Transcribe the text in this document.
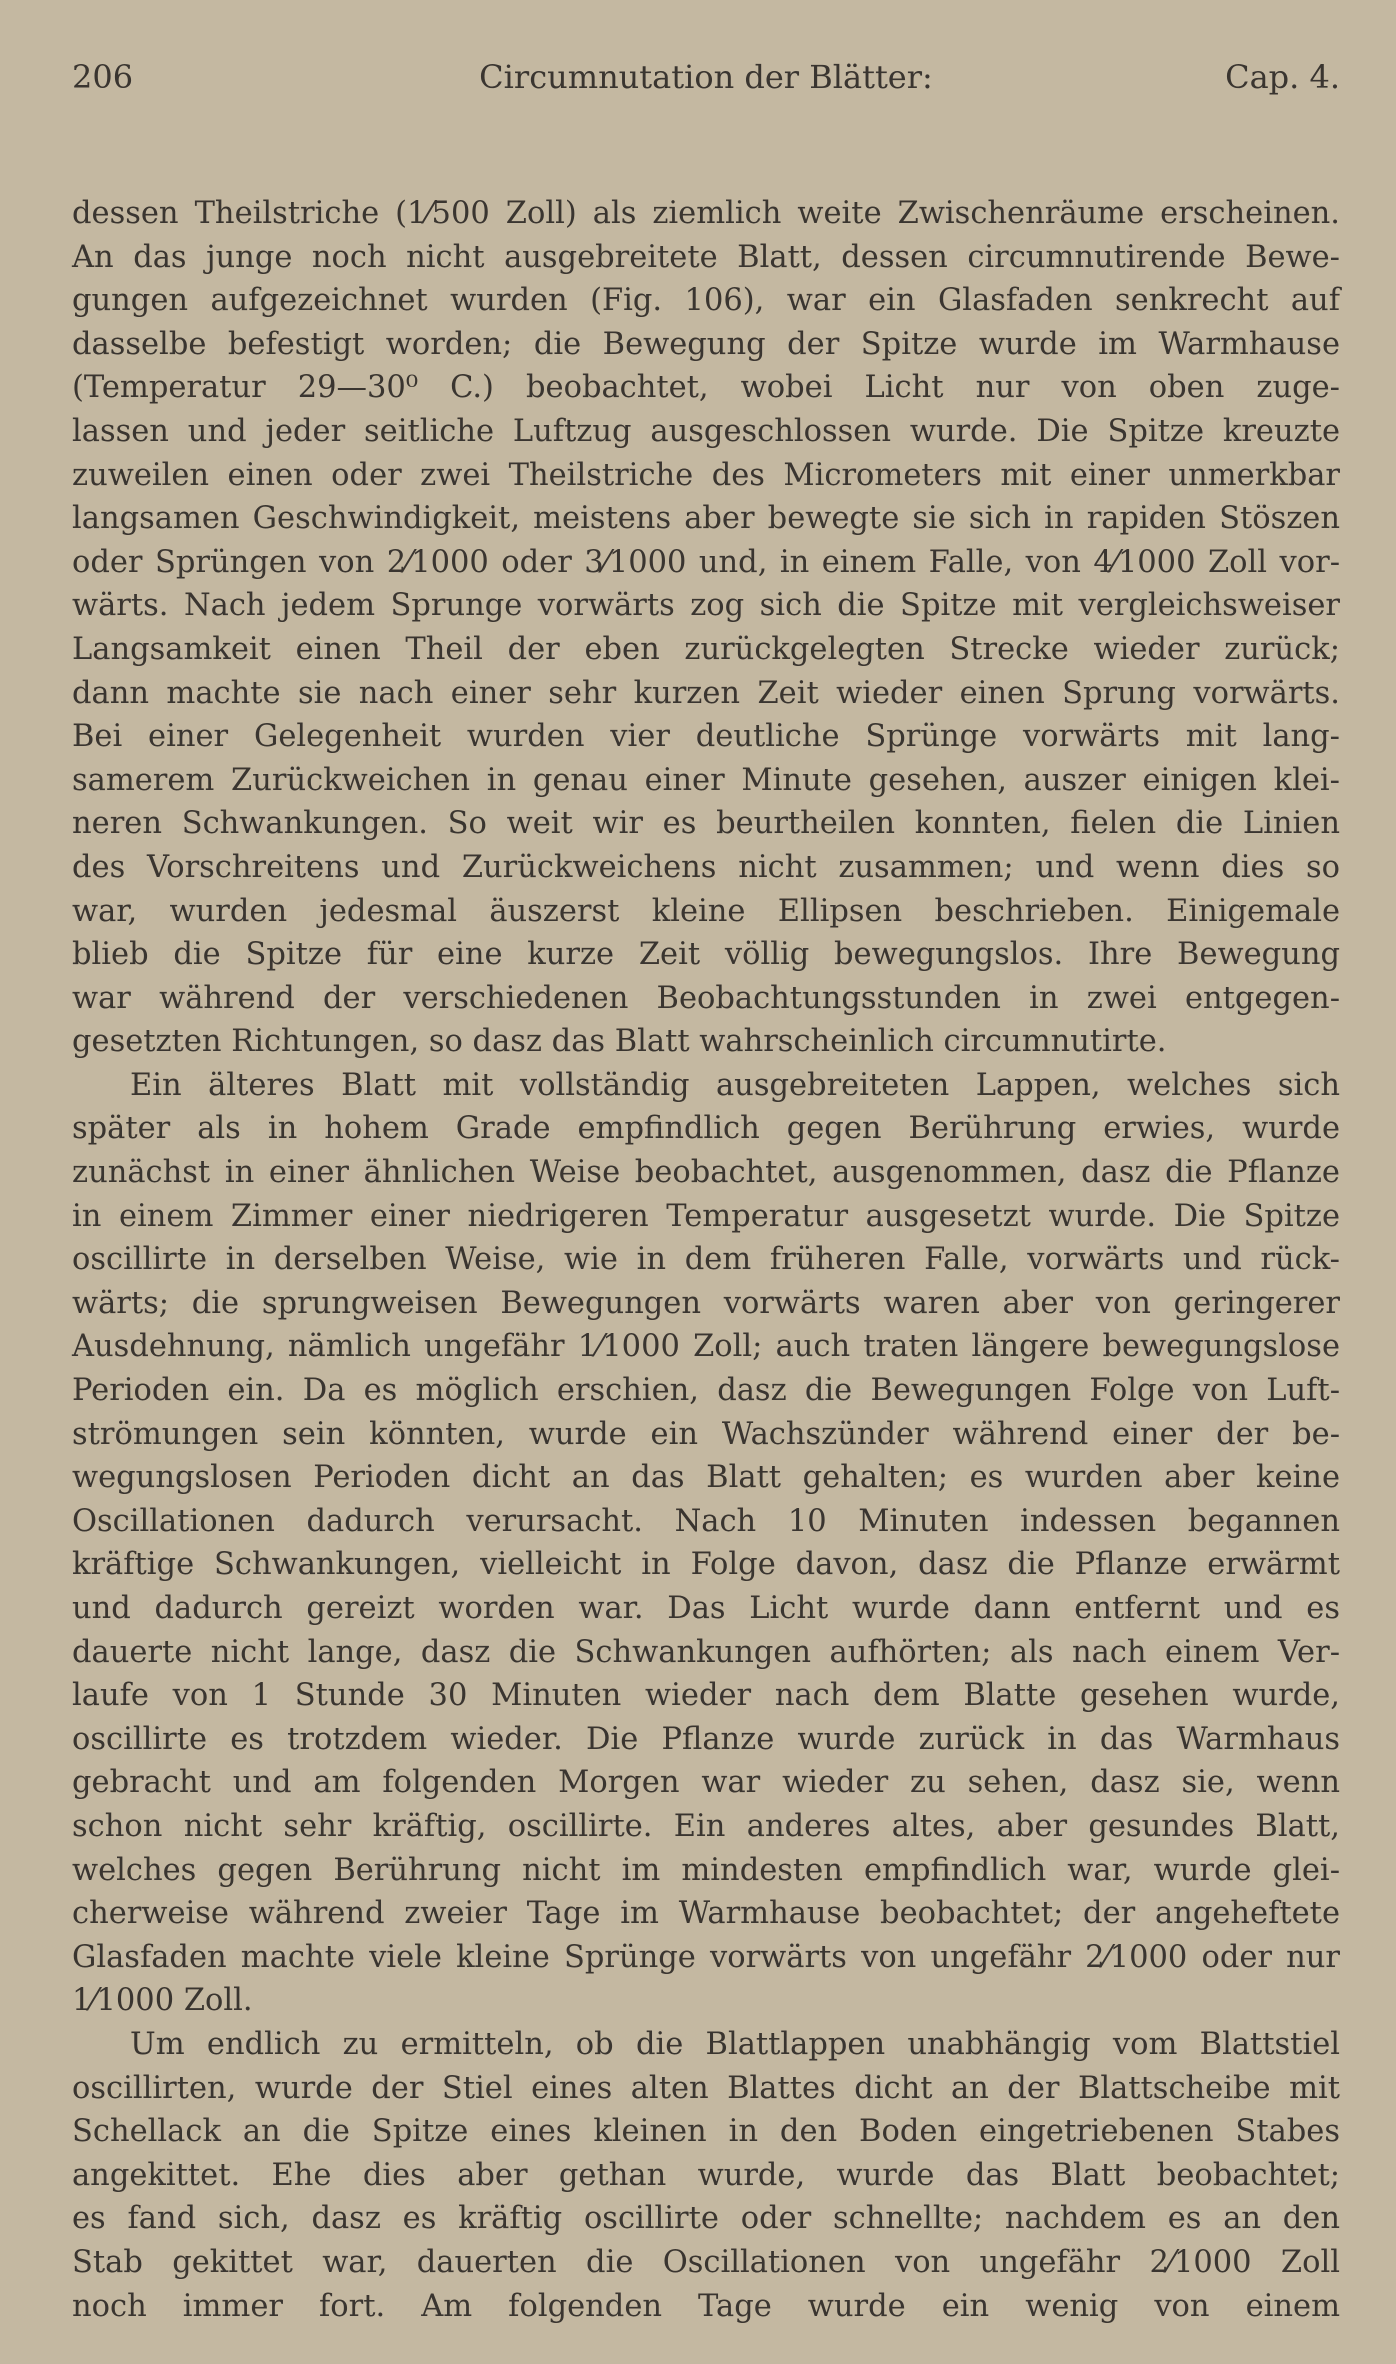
206	Circumnutation der Blätter:	Cap. 4.
dessen Theilstriche (1⁄500 Zoll) als ziemlich weite Zwischenräume erscheinen.
An das junge noch nicht ausgebreitete Blatt, dessen circumnutirende Bewe-
gungen aufgezeichnet wurden (Fig. 106), war ein Glasfaden senkrecht auf
dasselbe befestigt worden; die Bewegung der Spitze wurde im Warmhause
(Temperatur 29—30⁰ C.) beobachtet, wobei Licht nur von oben zuge-
lassen und jeder seitliche Luftzug ausgeschlossen wurde. Die Spitze kreuzte
zuweilen einen oder zwei Theilstriche des Micrometers mit einer unmerkbar
langsamen Geschwindigkeit, meistens aber bewegte sie sich in rapiden Stöszen
oder Sprüngen von 2⁄1000 oder 3⁄1000 und, in einem Falle, von 4⁄1000 Zoll vor-
wärts. Nach jedem Sprunge vorwärts zog sich die Spitze mit vergleichsweiser
Langsamkeit einen Theil der eben zurückgelegten Strecke wieder zurück;
dann machte sie nach einer sehr kurzen Zeit wieder einen Sprung vorwärts.
Bei einer Gelegenheit wurden vier deutliche Sprünge vorwärts mit lang-
samerem Zurückweichen in genau einer Minute gesehen, auszer einigen klei-
neren Schwankungen. So weit wir es beurtheilen konnten, fielen die Linien
des Vorschreitens und Zurückweichens nicht zusammen; und wenn dies so
war, wurden jedesmal äuszerst kleine Ellipsen beschrieben. Einigemale
blieb die Spitze für eine kurze Zeit völlig bewegungslos. Ihre Bewegung
war während der verschiedenen Beobachtungsstunden in zwei entgegen-
gesetzten Richtungen, so dasz das Blatt wahrscheinlich circumnutirte.
Ein älteres Blatt mit vollständig ausgebreiteten Lappen, welches sich
später als in hohem Grade empfindlich gegen Berührung erwies, wurde
zunächst in einer ähnlichen Weise beobachtet, ausgenommen, dasz die Pflanze
in einem Zimmer einer niedrigeren Temperatur ausgesetzt wurde. Die Spitze
oscillirte in derselben Weise, wie in dem früheren Falle, vorwärts und rück-
wärts; die sprungweisen Bewegungen vorwärts waren aber von geringerer
Ausdehnung, nämlich ungefähr 1⁄1000 Zoll; auch traten längere bewegungslose
Perioden ein. Da es möglich erschien, dasz die Bewegungen Folge von Luft-
strömungen sein könnten, wurde ein Wachszünder während einer der be-
wegungslosen Perioden dicht an das Blatt gehalten; es wurden aber keine
Oscillationen dadurch verursacht. Nach 10 Minuten indessen begannen
kräftige Schwankungen, vielleicht in Folge davon, dasz die Pflanze erwärmt
und dadurch gereizt worden war. Das Licht wurde dann entfernt und es
dauerte nicht lange, dasz die Schwankungen aufhörten; als nach einem Ver-
laufe von 1 Stunde 30 Minuten wieder nach dem Blatte gesehen wurde,
oscillirte es trotzdem wieder. Die Pflanze wurde zurück in das Warmhaus
gebracht und am folgenden Morgen war wieder zu sehen, dasz sie, wenn
schon nicht sehr kräftig, oscillirte. Ein anderes altes, aber gesundes Blatt,
welches gegen Berührung nicht im mindesten empfindlich war, wurde glei-
cherweise während zweier Tage im Warmhause beobachtet; der angeheftete
Glasfaden machte viele kleine Sprünge vorwärts von ungefähr 2⁄1000 oder nur
1⁄1000 Zoll.
Um endlich zu ermitteln, ob die Blattlappen unabhängig vom Blattstiel
oscillirten, wurde der Stiel eines alten Blattes dicht an der Blattscheibe mit
Schellack an die Spitze eines kleinen in den Boden eingetriebenen Stabes
angekittet. Ehe dies aber gethan wurde, wurde das Blatt beobachtet;
es fand sich, dasz es kräftig oscillirte oder schnellte; nachdem es an den
Stab gekittet war, dauerten die Oscillationen von ungefähr 2⁄1000 Zoll
noch immer fort. Am folgenden Tage wurde ein wenig von einem
